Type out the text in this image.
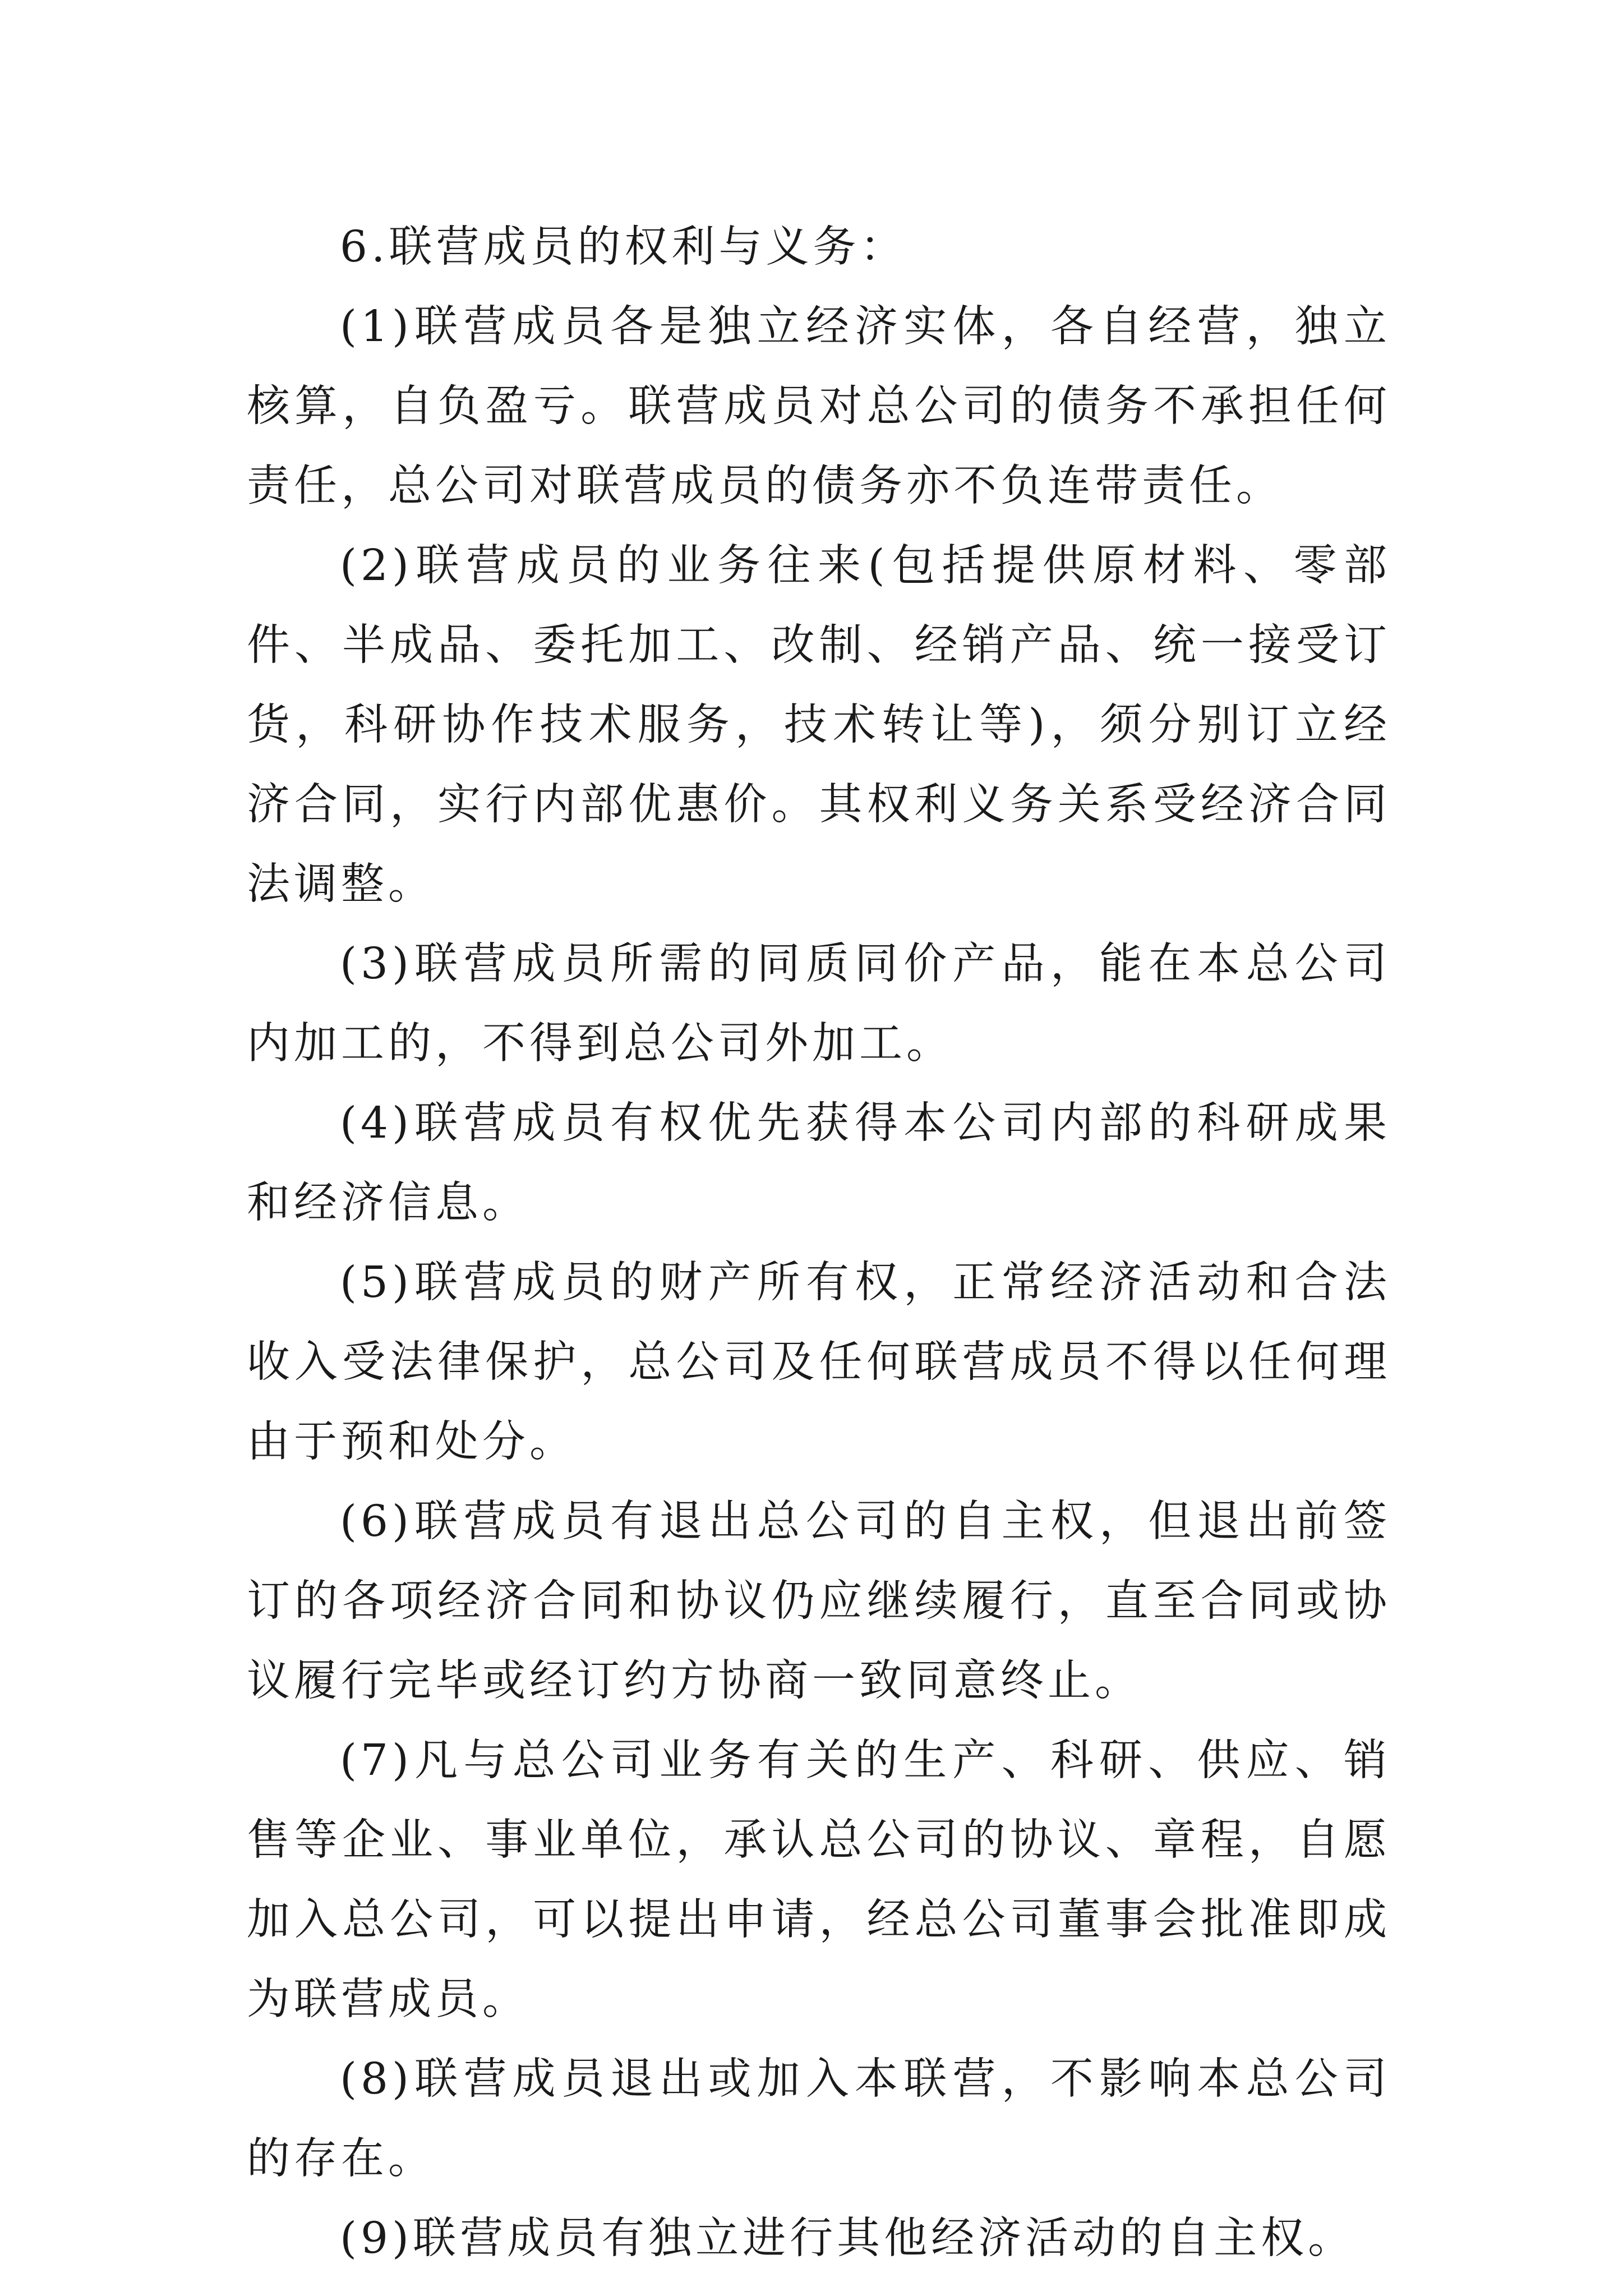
6.联营成员的权利与义务：

(1)联营成员各是独立经济实体，各自经营，独立核算，自负盈亏。联营成员对总公司的债务不承担任何责任，总公司对联营成员的债务亦不负连带责任。

(2)联营成员的业务往来(包括提供原材料、零部件、半成品、委托加工、改制、经销产品、统一接受订货，科研协作技术服务，技术转让等)，须分别订立经济合同，实行内部优惠价。其权利义务关系受经济合同法调整。

(3)联营成员所需的同质同价产品，能在本总公司内加工的，不得到总公司外加工。

(4)联营成员有权优先获得本公司内部的科研成果和经济信息。

(5)联营成员的财产所有权，正常经济活动和合法收入受法律保护，总公司及任何联营成员不得以任何理由于预和处分。

(6)联营成员有退出总公司的自主权，但退出前签订的各项经济合同和协议仍应继续履行，直至合同或协议履行完毕或经订约方协商一致同意终止。

(7)凡与总公司业务有关的生产、科研、供应、销售等企业、事业单位，承认总公司的协议、章程，自愿加入总公司，可以提出申请，经总公司董事会批准即成为联营成员。

(8)联营成员退出或加入本联营，不影响本总公司的存在。

(9)联营成员有独立进行其他经济活动的自主权。
